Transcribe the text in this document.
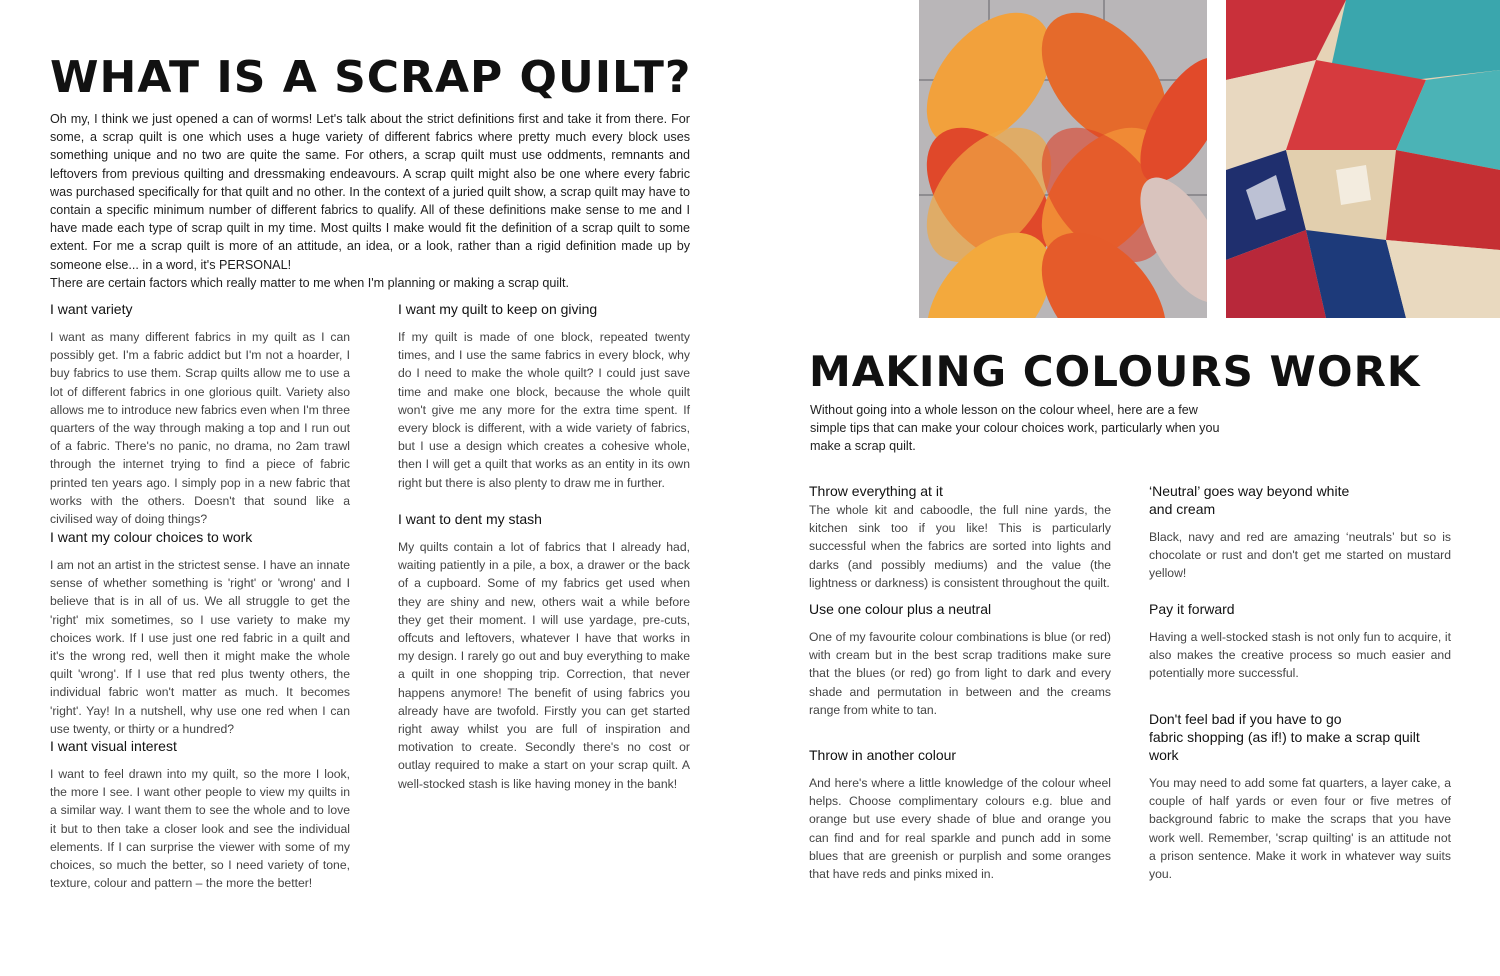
WHAT IS A SCRAP QUILT?

Oh my, I think we just opened a can of worms! Let's talk about the strict definitions first and take it from there. For some, a scrap quilt is one which uses a huge variety of different fabrics where pretty much every block uses something unique and no two are quite the same. For others, a scrap quilt must use oddments, remnants and leftovers from previous quilting and dressmaking endeavours. A scrap quilt might also be one where every fabric was purchased specifically for that quilt and no other. In the context of a juried quilt show, a scrap quilt may have to contain a specific minimum number of different fabrics to qualify. All of these definitions make sense to me and I have made each type of scrap quilt in my time. Most quilts I make would fit the definition of a scrap quilt to some extent. For me a scrap quilt is more of an attitude, an idea, or a look, rather than a rigid definition made up by someone else... in a word, it's PERSONAL!

There are certain factors which really matter to me when I'm planning or making a scrap quilt.

I want variety

I want as many different fabrics in my quilt as I can possibly get. I'm a fabric addict but I'm not a hoarder, I buy fabrics to use them. Scrap quilts allow me to use a lot of different fabrics in one glorious quilt. Variety also allows me to introduce new fabrics even when I'm three quarters of the way through making a top and I run out of a fabric. There's no panic, no drama, no 2am trawl through the internet trying to find a piece of fabric printed ten years ago. I simply pop in a new fabric that works with the others. Doesn't that sound like a civilised way of doing things?

I want my colour choices to work

I am not an artist in the strictest sense. I have an innate sense of whether something is 'right' or 'wrong' and I believe that is in all of us. We all struggle to get the 'right' mix sometimes, so I use variety to make my choices work. If I use just one red fabric in a quilt and it's the wrong red, well then it might make the whole quilt 'wrong'. If I use that red plus twenty others, the individual fabric won't matter as much. It becomes 'right'. Yay! In a nutshell, why use one red when I can use twenty, or thirty or a hundred?

I want visual interest

I want to feel drawn into my quilt, so the more I look, the more I see. I want other people to view my quilts in a similar way. I want them to see the whole and to love it but to then take a closer look and see the individual elements. If I can surprise the viewer with some of my choices, so much the better, so I need variety of tone, texture, colour and pattern – the more the better!

I want my quilt to keep on giving

If my quilt is made of one block, repeated twenty times, and I use the same fabrics in every block, why do I need to make the whole quilt? I could just save time and make one block, because the whole quilt won't give me any more for the extra time spent. If every block is different, with a wide variety of fabrics, but I use a design which creates a cohesive whole, then I will get a quilt that works as an entity in its own right but there is also plenty to draw me in further.

I want to dent my stash

My quilts contain a lot of fabrics that I already had, waiting patiently in a pile, a box, a drawer or the back of a cupboard. Some of my fabrics get used when they are shiny and new, others wait a while before they get their moment. I will use yardage, pre-cuts, offcuts and leftovers, whatever I have that works in my design. I rarely go out and buy everything to make a quilt in one shopping trip. Correction, that never happens anymore! The benefit of using fabrics you already have are twofold. Firstly you can get started right away whilst you are full of inspiration and motivation to create. Secondly there's no cost or outlay required to make a start on your scrap quilt. A well-stocked stash is like having money in the bank!

MAKING COLOURS WORK

Without going into a whole lesson on the colour wheel, here are a few simple tips that can make your colour choices work, particularly when you make a scrap quilt.

Throw everything at it

The whole kit and caboodle, the full nine yards, the kitchen sink too if you like! This is particularly successful when the fabrics are sorted into lights and darks (and possibly mediums) and the value (the lightness or darkness) is consistent throughout the quilt.

Use one colour plus a neutral

One of my favourite colour combinations is blue (or red) with cream but in the best scrap traditions make sure that the blues (or red) go from light to dark and every shade and permutation in between and the creams range from white to tan.

Throw in another colour

And here's where a little knowledge of the colour wheel helps. Choose complimentary colours e.g. blue and orange but use every shade of blue and orange you can find and for real sparkle and punch add in some blues that are greenish or purplish and some oranges that have reds and pinks mixed in.

‘Neutral’ goes way beyond white
and cream

Black, navy and red are amazing ‘neutrals’ but so is chocolate or rust and don't get me started on mustard yellow!

Pay it forward

Having a well-stocked stash is not only fun to acquire, it also makes the creative process so much easier and potentially more successful.

Don't feel bad if you have to go
fabric shopping (as if!) to make a scrap quilt work

You may need to add some fat quarters, a layer cake, a couple of half yards or even four or five metres of background fabric to make the scraps that you have work well. Remember, 'scrap quilting' is an attitude not a prison sentence. Make it work in whatever way suits you.
